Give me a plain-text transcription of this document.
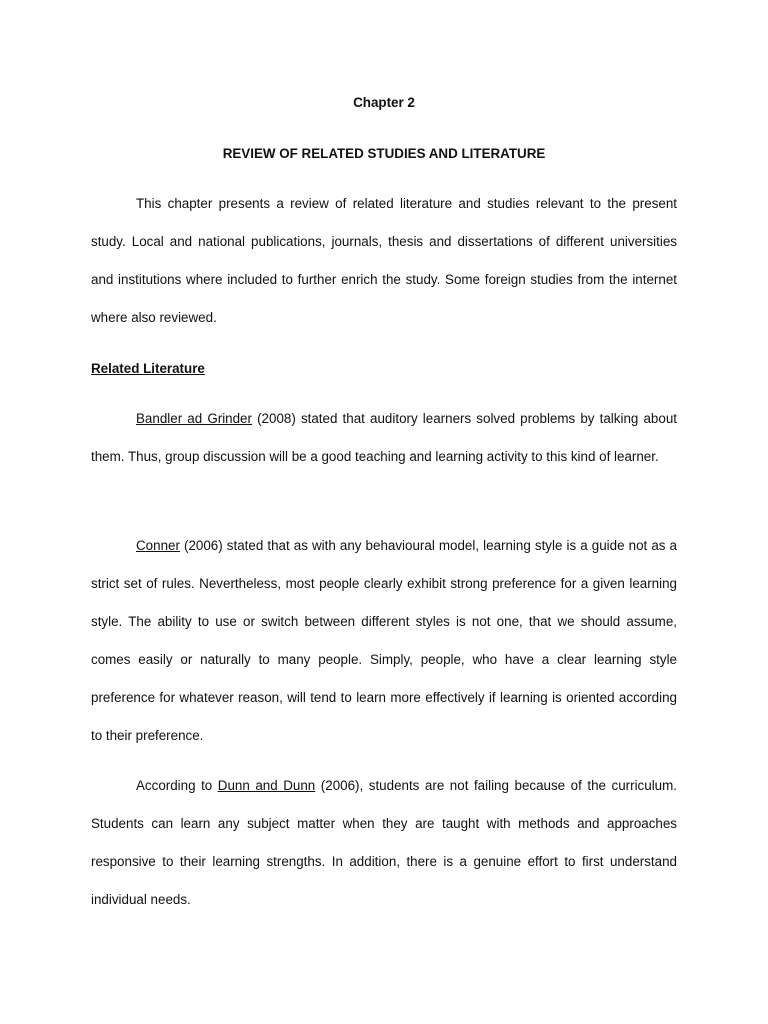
Chapter 2
REVIEW OF RELATED STUDIES AND LITERATURE

This chapter presents a review of related literature and studies relevant to the present study. Local and national publications, journals, thesis and dissertations of different universities and institutions where included to further enrich the study. Some foreign studies from the internet where also reviewed.

Related Literature

Bandler ad Grinder (2008) stated that auditory learners solved problems by talking about them. Thus, group discussion will be a good teaching and learning activity to this kind of learner.

Conner (2006) stated that as with any behavioural model, learning style is a guide not as a strict set of rules. Nevertheless, most people clearly exhibit strong preference for a given learning style. The ability to use or switch between different styles is not one, that we should assume, comes easily or naturally to many people. Simply, people, who have a clear learning style preference for whatever reason, will tend to learn more effectively if learning is oriented according to their preference.

According to Dunn and Dunn (2006), students are not failing because of the curriculum. Students can learn any subject matter when they are taught with methods and approaches responsive to their learning strengths. In addition, there is a genuine effort to first understand individual needs.
